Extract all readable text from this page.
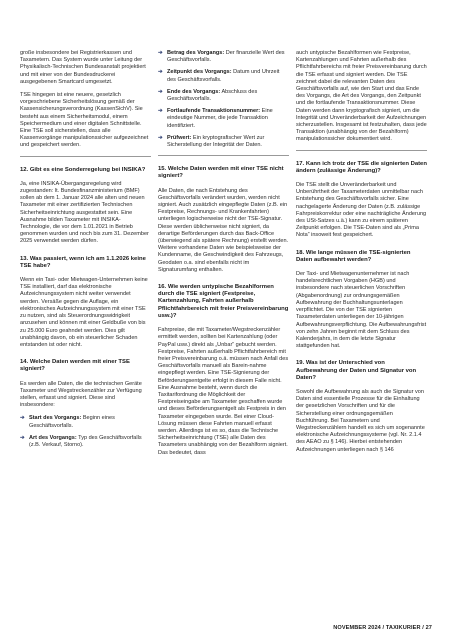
große insbesondere bei Registrierkassen und Taxametern. Das System wurde unter Leitung der Physikalisch-Technischen Bundesanstalt projektiert und mit einer von der Bundesdruckerei ausgegebenen Smartcard umgesetzt.

TSE hingegen ist eine neuere, gesetzlich vorgeschriebene Sicherheitslösung gemäß der Kassensicherungsverordnung (KassenSichV). Sie besteht aus einem Sicherheitsmodul, einem Speichermedium und einer digitalen Schnittstelle. Eine TSE soll sicherstellen, dass alle Kassenvorgänge manipulationssicher aufgezeichnet und gespeichert werden.

12. Gibt es eine Sonderregelung bei INSIKA?

Ja, eine INSIKA-Übergangsregelung wird zugestanden: lt. Bundesfinanzministerium (BMF) sollen ab dem 1. Januar 2024 alle alten und neuen Taxameter mit einer zertifizierten Technischen Sicherheitseinrichtung ausgestattet sein. Eine Ausnahme bilden Taxameter mit INSIKA-Technologie, die vor dem 1.01.2021 in Betrieb genommen wurden und noch bis zum 31. Dezember 2025 verwendet werden dürfen.

13. Was passiert, wenn ich am 1.1.2026 keine TSE habe?

Wenn ein Taxi- oder Mietwagen-Unternehmen keine TSE installiert, darf das elektronische Aufzeichnungssystem nicht weiter verwendet werden. Versäße gegen die Auflage, ein elektronisches Aufzeichnungssystem mit einer TSE zu nutzen, sind als Steuerordnungswidrigkeit anzusehen und können mit einer Geldbuße von bis zu 25.000 Euro geahndet werden. Dies gilt unabhängig davon, ob ein steuerlicher Schaden entstanden ist oder nicht.

14. Welche Daten werden mit einer TSE signiert?

Es werden alle Daten, die die technischen Geräte Taxameter und Wegstreckenzähler zur Verfügung stellen, erfasst und signiert. Diese sind insbesondere:

➔ Start des Vorgangs: Beginn eines Geschäftsvorfalls.
➔ Art des Vorgangs: Typ des Geschäftsvorfalls (z.B. Verkauf, Storno).
➔ Betrag des Vorgangs: Der finanzielle Wert des Geschäftsvorfalls.
➔ Zeitpunkt des Vorgangs: Datum und Uhrzeit des Geschäftsvorfalls.
➔ Ende des Vorgangs: Abschluss des Geschäftsvorfalls.
➔ Fortlaufende Transaktionsnummer: Eine eindeutige Nummer, die jede Transaktion identifiziert.
➔ Prüfwert: Ein kryptografischer Wert zur Sicherstellung der Integrität der Daten.
15. Welche Daten werden mit einer TSE nicht signiert?

Alle Daten, die nach Entstehung des Geschäftsvorfalls verändert wurden, werden nicht signiert. Auch zusätzlich eingepflegte Daten (z.B. ein Festpreise, Rechnungs- und Krankenfahrten) unterliegen logischerweise nicht der TSE-Signatur. Diese werden üblicherweise nicht signiert, da derartige Beförderungen durch das Back-Office (überwiegend als spätere Rechnung) erstellt werden. Weitere vorhandene Daten wie beispielsweise der Kundenname, die Geschwindigkeit des Fahrzeugs, Geodaten o.a. sind ebenfalls nicht im Signaturumfang enthalten.

16. Wie werden untypische Bezahlformen durch die TSE signiert (Festpreise, Kartenzahlung, Fahrten außerhalb Pflichtfahrbereich mit freier Preisvereinbarung usw.)?

Fahrpreise, die mit Taxameter/Wegstreckenzähler ermittelt werden, sollten bei Kartenzahlung (oder PayPal usw.) direkt als „Unbar“ gebucht werden. Festpreise, Fahrten außerhalb Pflichtfahrbereich mit freier Preisvereinbarung o.ä. müssen nach Anfall des Geschäftsvorfalls manuell als Barein-nahme eingepflegt werden. Eine TSE-Signierung der Beförderungsentgelte erfolgt in diesem Falle nicht. Eine Ausnahme besteht, wenn durch die Taxitarifordnung die Möglichkeit der Festpreiseingabe am Taxameter geschaffen wurde und dieses Beförderungsentgelt als Festpreis in den Taxameter eingegeben wurde. Bei einer Cloud-Lösung müssen diese Fahrten manuell erfasst werden. Allerdings ist es so, dass die Technische Sicherheitseinrichtung (TSE) alle Daten des Taxameters unabhängig von der Bezahlform signiert. Das bedeutet, dass

auch untypische Bezahlformen wie Festpreise, Kartenzahlungen und Fahrten außerhalb des Pflichtfahrbereichs mit freier Preisvereinbarung durch die TSE erfasst und signiert werden. Die TSE zeichnet dabei die relevanten Daten des Geschäftsvorfalls auf, wie den Start und das Ende des Vorgangs, die Art des Vorgangs, den Zeitpunkt und die fortlaufende Transaktionsnummer. Diese Daten werden dann kryptografisch signiert, um die Integrität und Unveränderbarkeit der Aufzeichnungen sicherzustellen. Insgesamt ist festzuhalten, dass jede Transaktion (unabhängig von der Bezahlform) manipulationssicher dokumentiert wird.

17. Kann ich trotz der TSE die signierten Daten ändern (zulässige Änderung)?

Die TSE stellt die Unveränderbarkeit und Unberührtheit der Taxameterdaten unmittelbar nach Entstehung des Geschäftsvorfalls sicher. Eine nachgelagerte Änderung der Daten (z.B. zulässige Fahrpreiskorrektur oder eine nachträgliche Änderung des USt-Satzes u.ä.) kann zu einem späteren Zeitpunkt erfolgen. Die TSE-Daten sind als „Prima Nota“ insoweit fest gespeichert.

18. Wie lange müssen die TSE-signierten Daten aufbewahrt werden?

Der Taxi- und Mietwagenunternehmer ist nach handelsrechtlichen Vorgaben (HGB) und insbesondere nach steuerlichen Vorschriften (Abgabenordnung) zur ordnungsgemäßen Aufbewahrung der Buchhaltungsunterlagen verpflichtet. Die von der TSE signierten Taxameterdaten unterliegen der 10-jährigen Aufbewahrungsverpflichtung. Die Aufbewahrungsfrist von zehn Jahren beginnt mit dem Schluss des Kalenderjahrs, in dem die letzte Signatur stattgefunden hat.

19. Was ist der Unterschied von Aufbewahrung der Daten und Signatur von Daten?

Sowohl die Aufbewahrung als auch die Signatur von Daten sind essentielle Prozesse für die Einhaltung der gesetzlichen Vorschriften und für die Sicherstellung einer ordnungsgemäßen Buchführung. Bei Taxametern und Wegstreckenzählern handelt es sich um sogenannte elektronische Aufzeichnungssysteme (vgl. Nr. 2.1.4 des AEAO zu § 146). Hierbei entstehenden Aufzeichnungen unterliegen nach § 146

NOVEMBER 2024 / TAXIKURIER / 27
